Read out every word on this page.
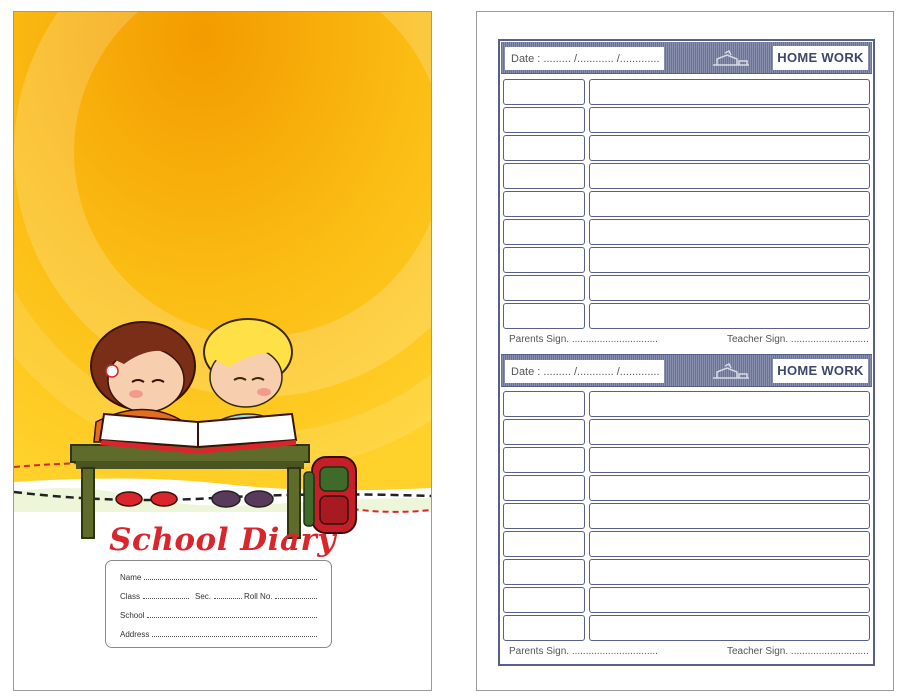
School Diary
Name
Class	Sec.	Roll No.
School
Address
Date : ......... /............ /.............	HOME WORK
Parents Sign. ...............................	Teacher Sign. ............................
Date : ......... /............ /.............	HOME WORK
Parents Sign. ...............................	Teacher Sign. ............................
